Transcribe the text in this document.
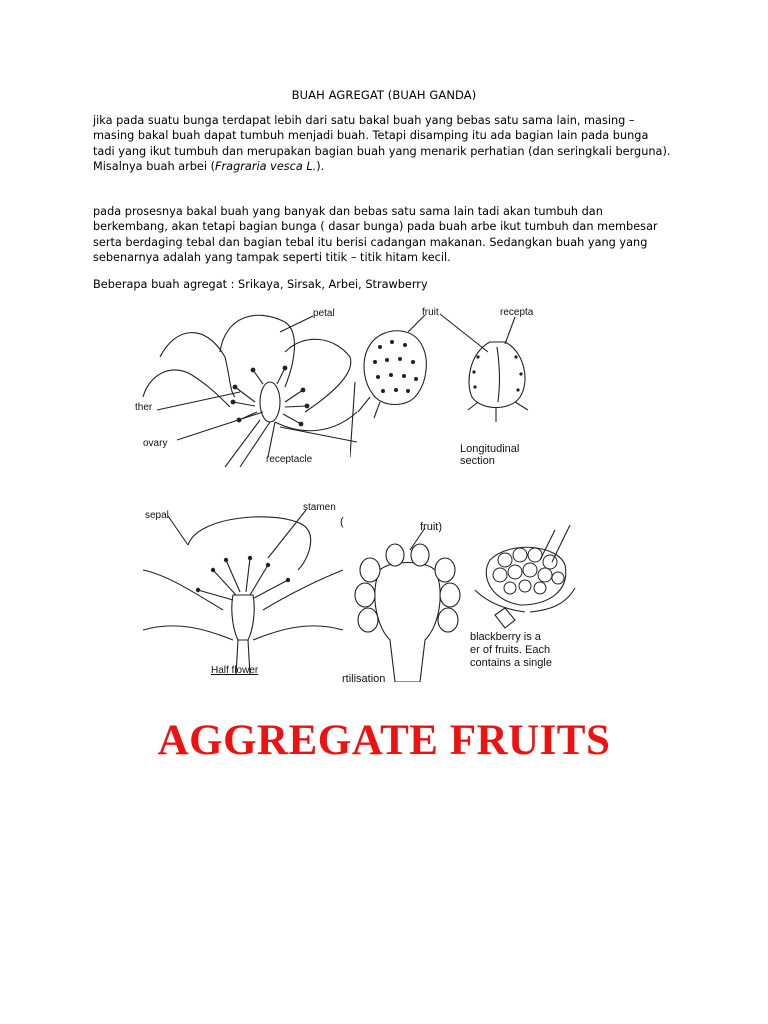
BUAH AGREGAT (BUAH GANDA)

jika pada suatu bunga terdapat lebih dari satu bakal buah yang bebas satu sama lain, masing – masing bakal buah dapat tumbuh menjadi buah. Tetapi disamping itu ada bagian lain pada bunga tadi yang ikut tumbuh dan merupakan bagian buah yang menarik perhatian (dan seringkali berguna).
Misalnya buah arbei (Fragraria vesca L.).

pada prosesnya bakal buah yang banyak dan bebas satu sama lain tadi akan tumbuh dan berkembang, akan tetapi bagian bunga ( dasar bunga) pada buah arbe ikut tumbuh dan membesar serta berdaging tebal dan bagian tebal itu berisi cadangan makanan. Sedangkan buah yang yang sebenarnya adalah yang tampak seperti titik – titik hitam kecil.

Beberapa buah agregat : Srikaya, Sirsak, Arbei, Strawberry

petal
ther
ovary
receptacle
fruit	recepta
Longitudinal
section
sepal
stamen
Half flower
fruit)
(
rtilisation
blackberry is a
er of fruits. Each
contains a single
AGGREGATE FRUITS
